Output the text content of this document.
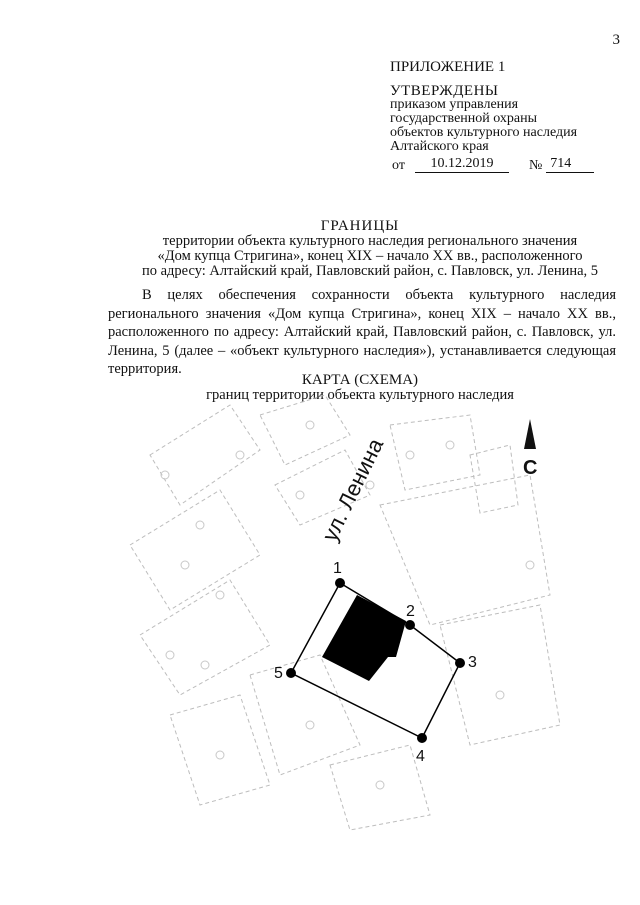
3
ПРИЛОЖЕНИЕ 1
УТВЕРЖДЕНЫ
приказом управления
государственной охраны
объектов культурного наследия
Алтайского края
от	10.12.2019	№ 714
ГРАНИЦЫ
территории объекта культурного наследия регионального значения
«Дом купца Стригина», конец XIX – начало XX вв., расположенного
по адресу: Алтайский край, Павловский район, с. Павловск, ул. Ленина, 5
В целях обеспечения сохранности объекта культурного наследия регионального значения «Дом купца Стригина», конец XIX – начало XX вв., расположенного по адресу: Алтайский край, Павловский район, с. Павловск, ул. Ленина, 5 (далее – «объект культурного наследия»), устанавливается следующая территория.
КАРТА (СХЕМА)
границ территории объекта культурного наследия
ул. Ленина	С
1
2
3
4
5
